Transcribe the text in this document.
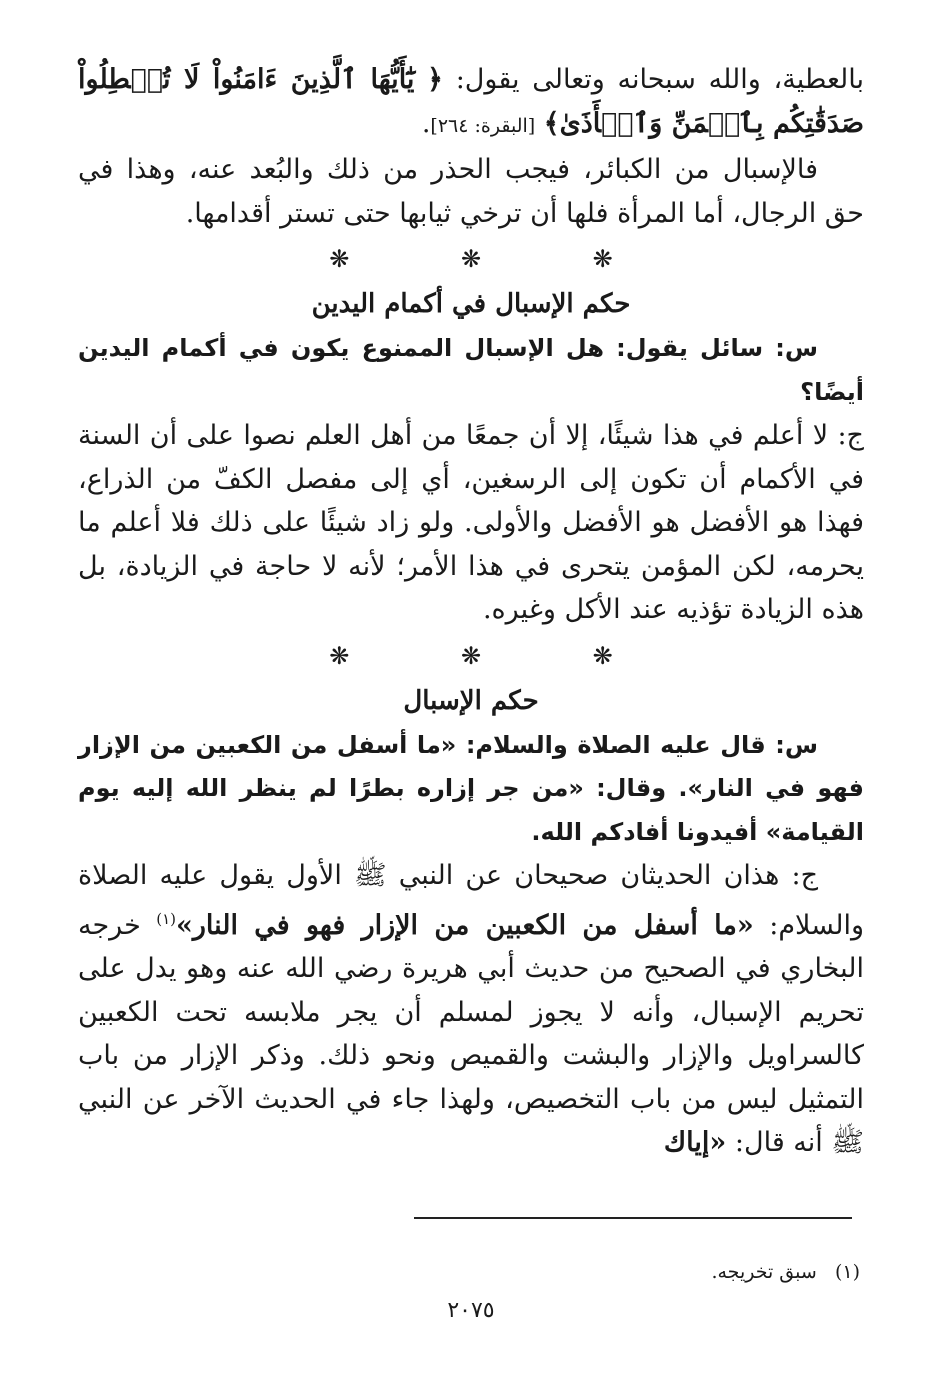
بالعطية، والله سبحانه وتعالى يقول: ﴿ يَٰٓأَيُّهَا ٱلَّذِينَ ءَامَنُواْ لَا تُبۡطِلُواْ صَدَقَٰتِكُم بِٱلۡمَنِّ وَٱلۡأَذَىٰ﴾ [البقرة: ٢٦٤].

فالإسبال من الكبائر، فيجب الحذر من ذلك والبُعد عنه، وهذا في حق الرجال، أما المرأة فلها أن ترخي ثيابها حتى تستر أقدامها.

❋ ❋ ❋
حكم الإسبال في أكمام اليدين

س: سائل يقول: هل الإسبال الممنوع يكون في أكمام اليدين أيضًا؟

ج: لا أعلم في هذا شيئًا، إلا أن جمعًا من أهل العلم نصوا على أن السنة في الأكمام أن تكون إلى الرسغين، أي إلى مفصل الكفّ من الذراع، فهذا هو الأفضل هو الأفضل والأولى. ولو زاد شيئًا على ذلك فلا أعلم ما يحرمه، لكن المؤمن يتحرى في هذا الأمر؛ لأنه لا حاجة في الزيادة، بل هذه الزيادة تؤذيه عند الأكل وغيره.

❋ ❋ ❋
حكم الإسبال

س: قال عليه الصلاة والسلام: «ما أسفل من الكعبين من الإزار فهو في النار». وقال: «من جر إزاره بطرًا لم ينظر الله إليه يوم القيامة» أفيدونا أفادكم الله.

ج: هذان الحديثان صحيحان عن النبي ﷺ الأول يقول عليه الصلاة والسلام: «ما أسفل من الكعبين من الإزار فهو في النار»$^{(١)}$ خرجه البخاري في الصحيح من حديث أبي هريرة رضي الله عنه وهو يدل على تحريم الإسبال، وأنه لا يجوز لمسلم أن يجر ملابسه تحت الكعبين كالسراويل والإزار والبشت والقميص ونحو ذلك. وذكر الإزار من باب التمثيل ليس من باب التخصيص، ولهذا جاء في الحديث الآخر عن النبي ﷺ أنه قال: «إياك

(١)   سبق تخريجه.
٢٠٧٥
